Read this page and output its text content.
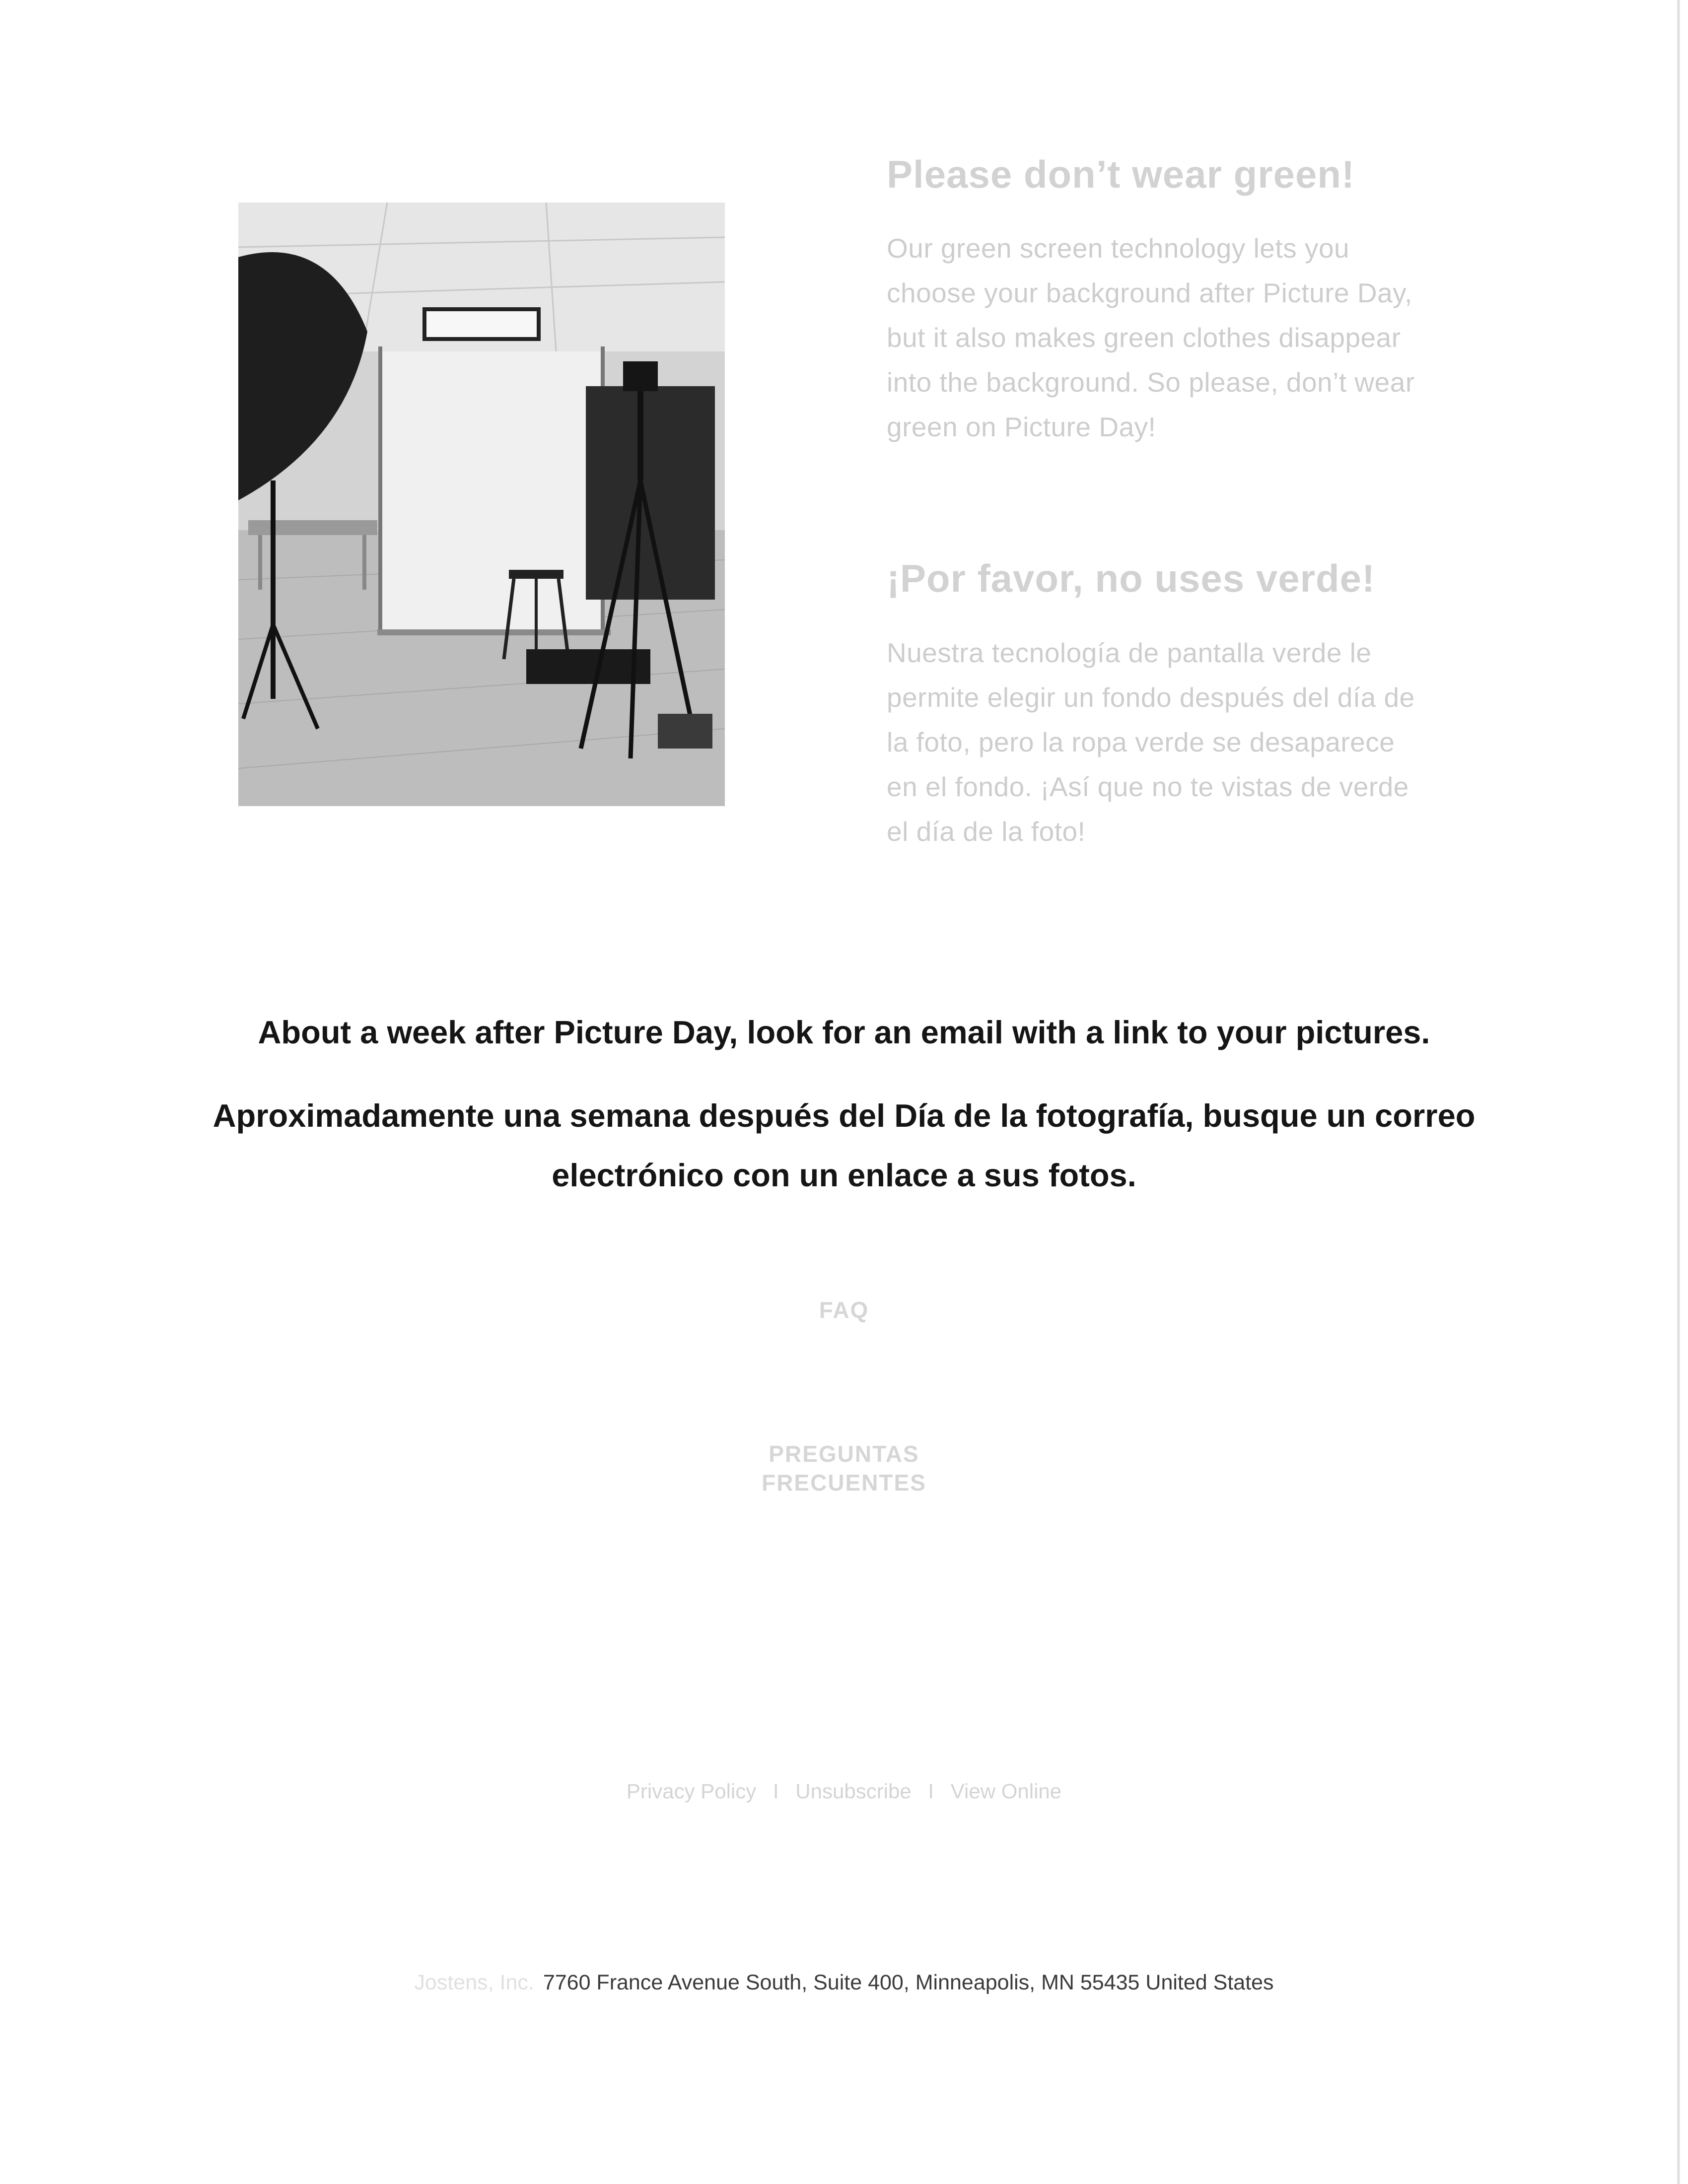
Please don’t wear green!

Our green screen technology lets you choose your background after Picture Day, but it also makes green clothes disappear into the background. So please, don’t wear green on Picture Day!

¡Por favor, no uses verde!

Nuestra tecnología de pantalla verde le permite elegir un fondo después del día de la foto, pero la ropa verde se desaparece en el fondo. ¡Así que no te vistas de verde el día de la foto!

About a week after Picture Day, look for an email with a link to your pictures.

Aproximadamente una semana después del Día de la fotografía, busque un correo electrónico con un enlace a sus fotos.

FAQ
PREGUNTAS FRECUENTES
Privacy Policy I Unsubscribe I View Online
Jostens, Inc. 7760 France Avenue South, Suite 400, Minneapolis, MN 55435 United States
